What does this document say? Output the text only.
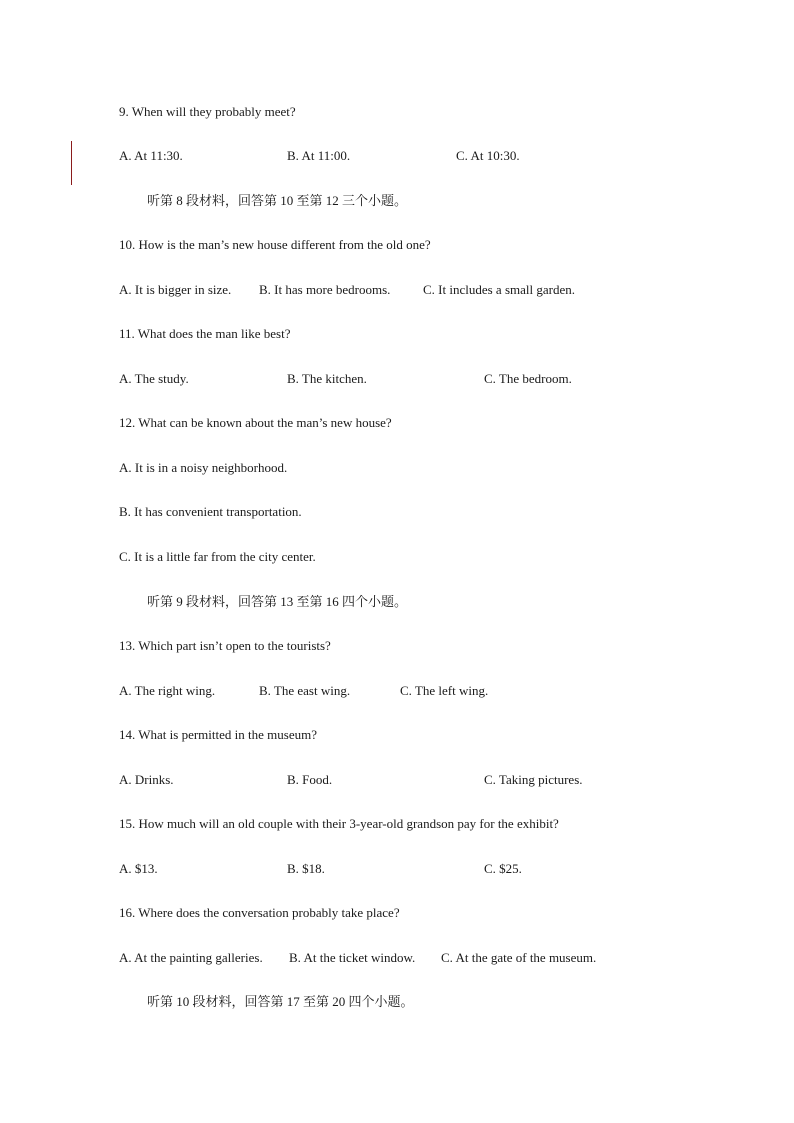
9. When will they probably meet?
A. At 11:30.	B. At 11:00.	C. At 10:30.
听第 8 段材料，回答第 10 至第 12 三个小题。
10. How is the man’s new house different from the old one?
A. It is bigger in size. B. It has more bedrooms.	C. It includes a small garden.
11. What does the man like best?
A. The study.	B. The kitchen.	C. The bedroom.
12. What can be known about the man’s new house?
A. It is in a noisy neighborhood.
B. It has convenient transportation.
C. It is a little far from the city center.
听第 9 段材料，回答第 13 至第 16 四个小题。
13. Which part isn’t open to the tourists?
A. The right wing.	B. The east wing.	C. The left wing.
14. What is permitted in the museum?
A. Drinks.	B. Food.	C. Taking pictures.
15. How much will an old couple with their 3-year-old grandson pay for the exhibit?
A. $13.	B. $18.	C. $25.
16. Where does the conversation probably take place?
A. At the painting galleries. B. At the ticket window. C. At the gate of the museum.
听第 10 段材料，回答第 17 至第 20 四个小题。
